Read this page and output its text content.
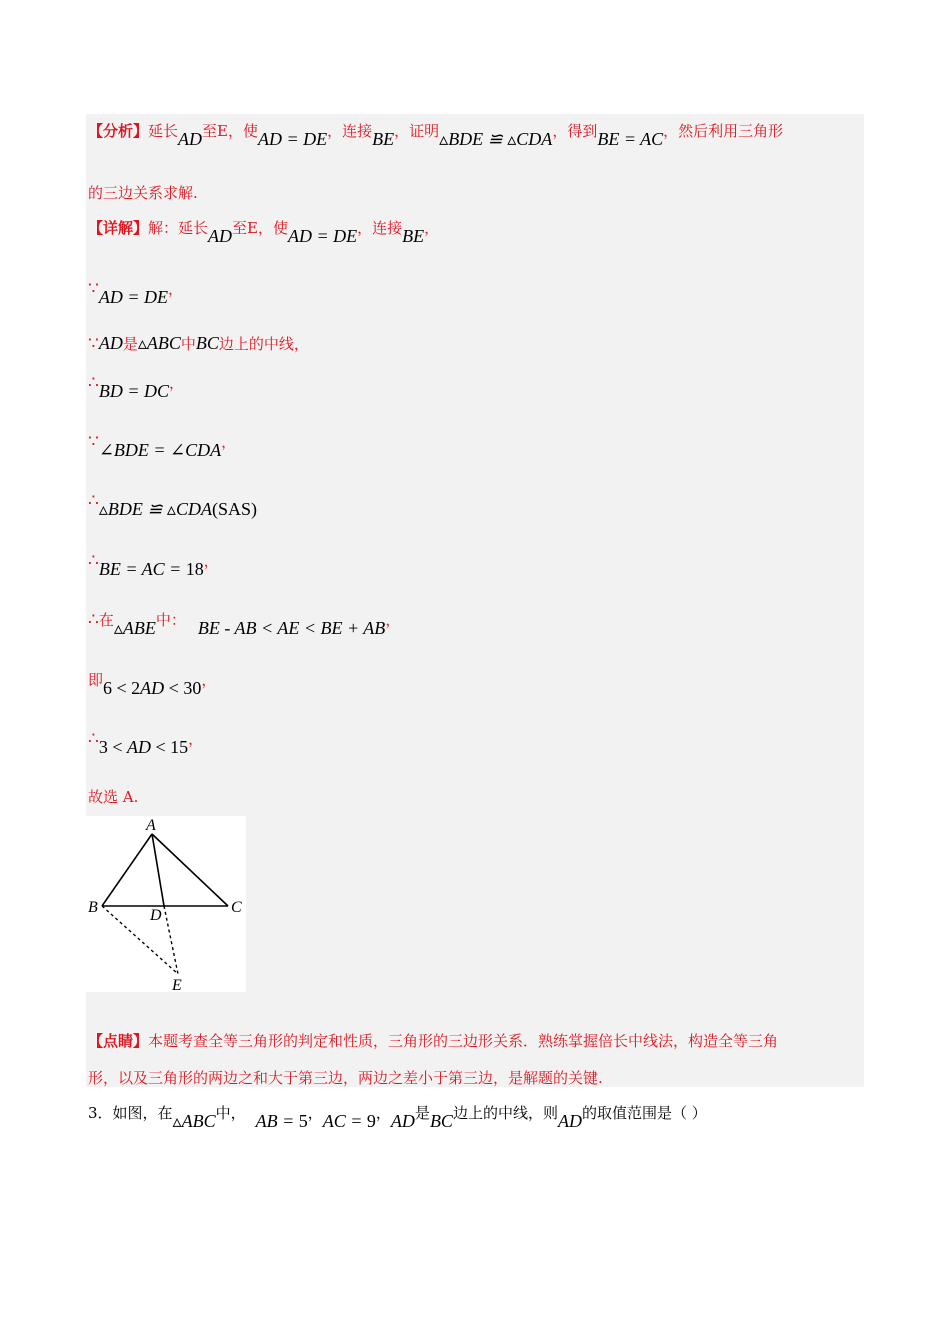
【分析】延长AD至E，使AD = DE，连接BE，证明▵BDE ≌ ▵CDA，得到BE = AC，然后利用三角形
的三边关系求解.
【详解】解：延长AD至E，使AD = DE，连接BE，
∵AD = DE，
∵AD是▵ABC中BC边上的中线，
∴BD = DC，
∵∠BDE = ∠CDA，
∴▵BDE ≌ ▵CDA(SAS)
∴BE = AC = 18，
∴在▵ABE中： BE - AB < AE < BE + AB，
即6 < 2AD < 30，
∴3 < AD < 15，
故选 A.
A
B	C
D
E
【点睛】本题考查全等三角形的判定和性质，三角形的三边形关系．熟练掌握倍长中线法，构造全等三角
形，以及三角形的两边之和大于第三边，两边之差小于第三边，是解题的关键.
3．如图，在▵ABC中， AB = 5，AC = 9，AD是BC边上的中线，则AD的取值范围是（ ）
